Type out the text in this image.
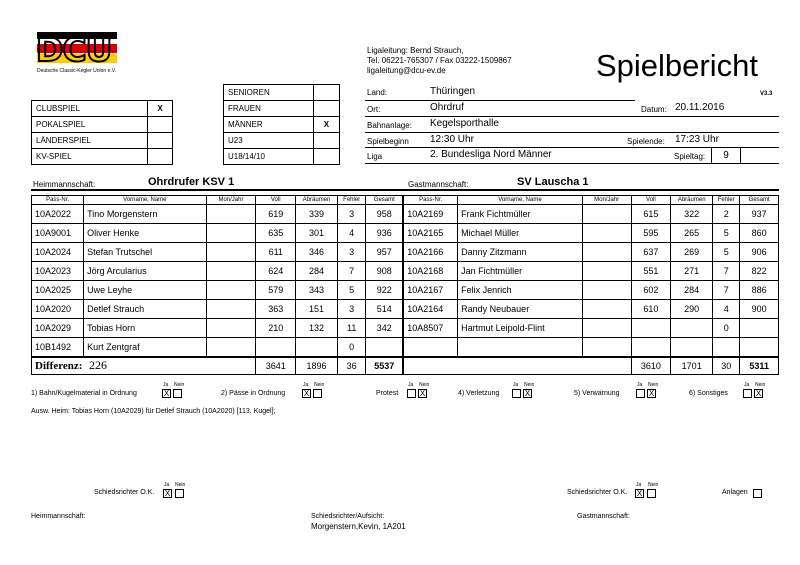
DCU
Deutsche Classic-Kegler Union e.V.
Ligaleitung: Bernd Strauch,
Tel. 06221-765307 / Fax 03222-1509867
ligaleitung@dcu-ev.de	Spielbericht
V3.3
CLUBSPIEL	X
POKALSPIEL	
LÄNDERSPIEL	
KV-SPIEL	
SENIOREN	
FRAUEN	
MÄNNER	X
U23	
U18/14/10	
Land:	Thüringen
Ort:	Ohrdruf	Datum: 20.11.2016
Bahnanlage: Kegelsporthalle
Spielbeginn 12:30 Uhr	Spielende: 17:23 Uhr
Liga	2. Bundesliga Nord Männer	Spieltag:	9
Heimmannschaft:	Ohrdrufer KSV 1	Gastmannschaft:	SV Lauscha 1
Pass-Nr.	Vorname, Name	Mon/Jahr	Voll	Abräumen	Fehler	Gesamt	Pass-Nr.	Vorname, Name	Mon/Jahr	Voll	Abräumen	Fehler	Gesamt
10A2022	Tino Morgenstern		619	339	3	958	10A2169	Frank Fichtmüller		615	322	2	937
10A9001	Oliver Henke		635	301	4	936	10A2165	Michael Müller		595	265	5	860
10A2024	Stefan Trutschel		611	346	3	957	10A2166	Danny Zitzmann		637	269	5	906
10A2023	Jörg Arcularius		624	284	7	908	10A2168	Jan Fichtmüller		551	271	7	822
10A2025	Uwe Leyhe		579	343	5	922	10A2167	Felix Jenrich		602	284	7	886
10A2020	Detlef Strauch		363	151	3	514	10A2164	Randy Neubauer		610	290	4	900
10A2029	Tobias Horn		210	132	11	342	10A8507	Hartmut Leipold-Flint				0	
10B1492	Kurt Zentgraf				0								
Differenz: 226			3641	1896	36	5537				3610	1701	30	5311
1) Bahn/Kugelmaterial in Ordnung
Ja Nein
X	2) Pässe in Ordnung
Ja Nein
X	Protest
Ja Nein
X	4) Verletzung
Ja Nein
X	5) Verwarnung
Ja Nein
X	6) Sonstiges
Ja Nein
X
Ausw. Heim: Tobias Horn (10A2029) für Detlef Strauch (10A2020) [113. Kugel];
Schiedsrichter O.K.
Ja Nein
X	Schiedsrichter O.K.
Ja Nein
X	Anlagen
Heimmannschaft:	Schiedsrichter/Aufsicht:	Gastmannschaft:
Morgenstern,Kevin, 1A201
